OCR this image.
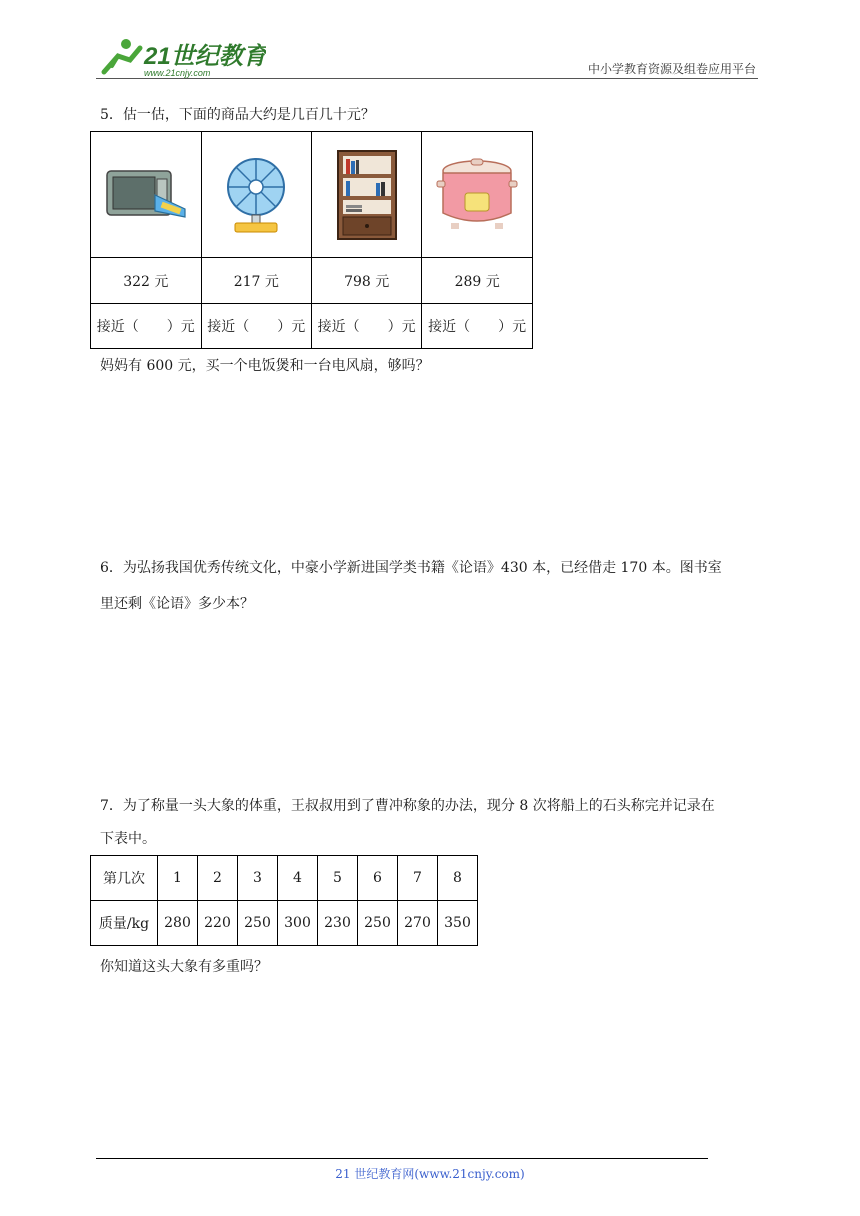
21世纪教育
www.21cnjy.com	中小学教育资源及组卷应用平台
5．估一估，下面的商品大约是几百几十元？

322 元	217 元	798 元	289 元
接近（　　）元	接近（　　）元	接近（　　）元	接近（　　）元
妈妈有 600 元，买一个电饭煲和一台电风扇，够吗？
6．为弘扬我国优秀传统文化，中豪小学新进国学类书籍《论语》430 本，已经借走 170 本。图书室
里还剩《论语》多少本？
7．为了称量一头大象的体重，王叔叔用到了曹冲称象的办法，现分 8 次将船上的石头称完并记录在
下表中。
第几次	1	2	3	4	5	6	7	8
质量/kg	280	220	250	300	230	250	270	350
你知道这头大象有多重吗？
21 世纪教育网(www.21cnjy.com)
